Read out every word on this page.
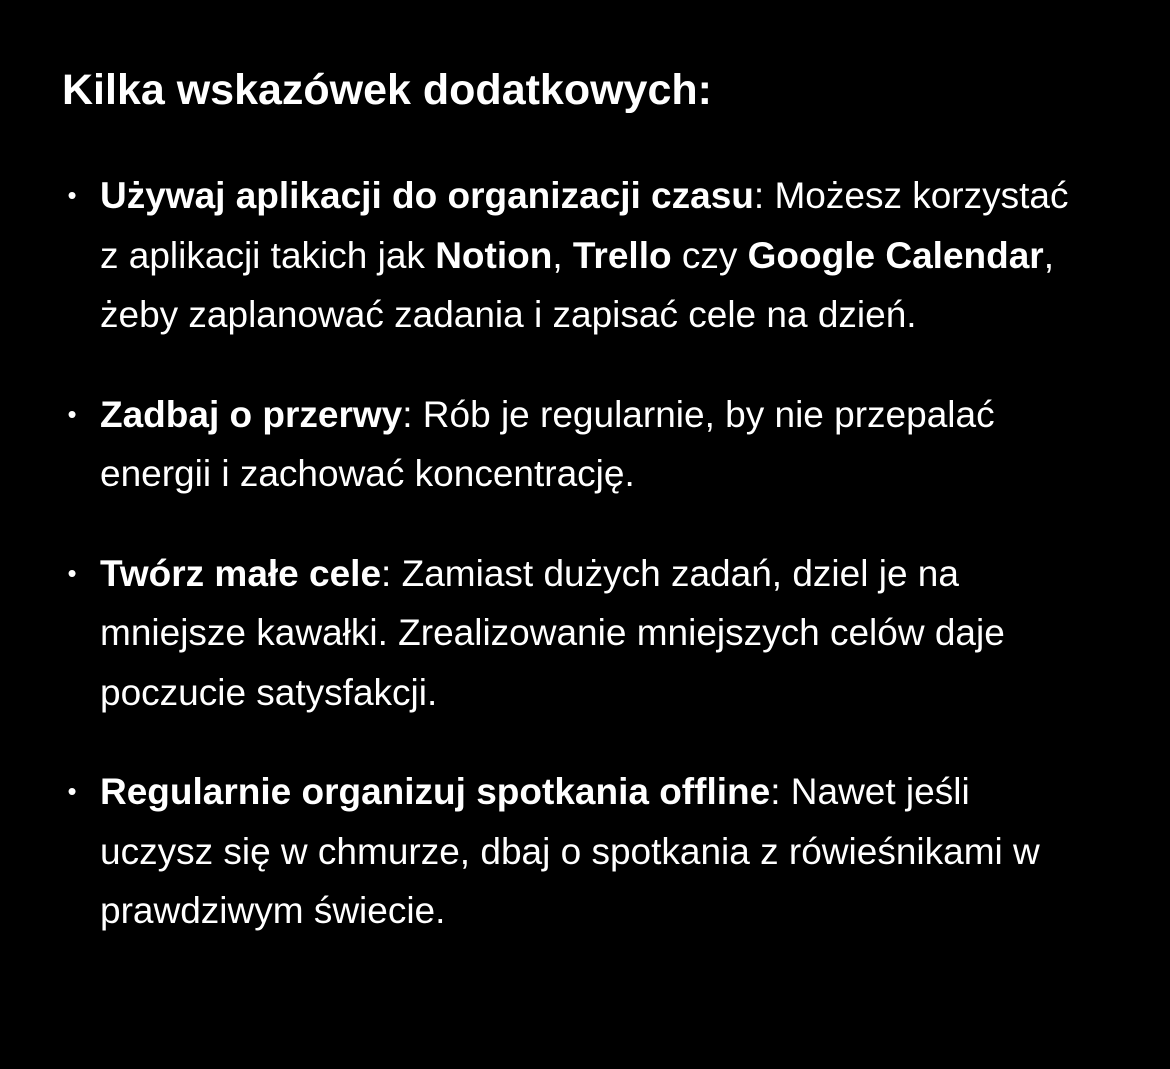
Kilka wskazówek dodatkowych:
• Używaj aplikacji do organizacji czasu: Możesz korzystać z aplikacji takich jak Notion, Trello czy Google Calendar, żeby zaplanować zadania i zapisać cele na dzień.
• Zadbaj o przerwy: Rób je regularnie, by nie przepalać energii i zachować koncentrację.
• Twórz małe cele: Zamiast dużych zadań, dziel je na mniejsze kawałki. Zrealizowanie mniejszych celów daje poczucie satysfakcji.
• Regularnie organizuj spotkania offline: Nawet jeśli uczysz się w chmurze, dbaj o spotkania z rówieśnikami w prawdziwym świecie.
